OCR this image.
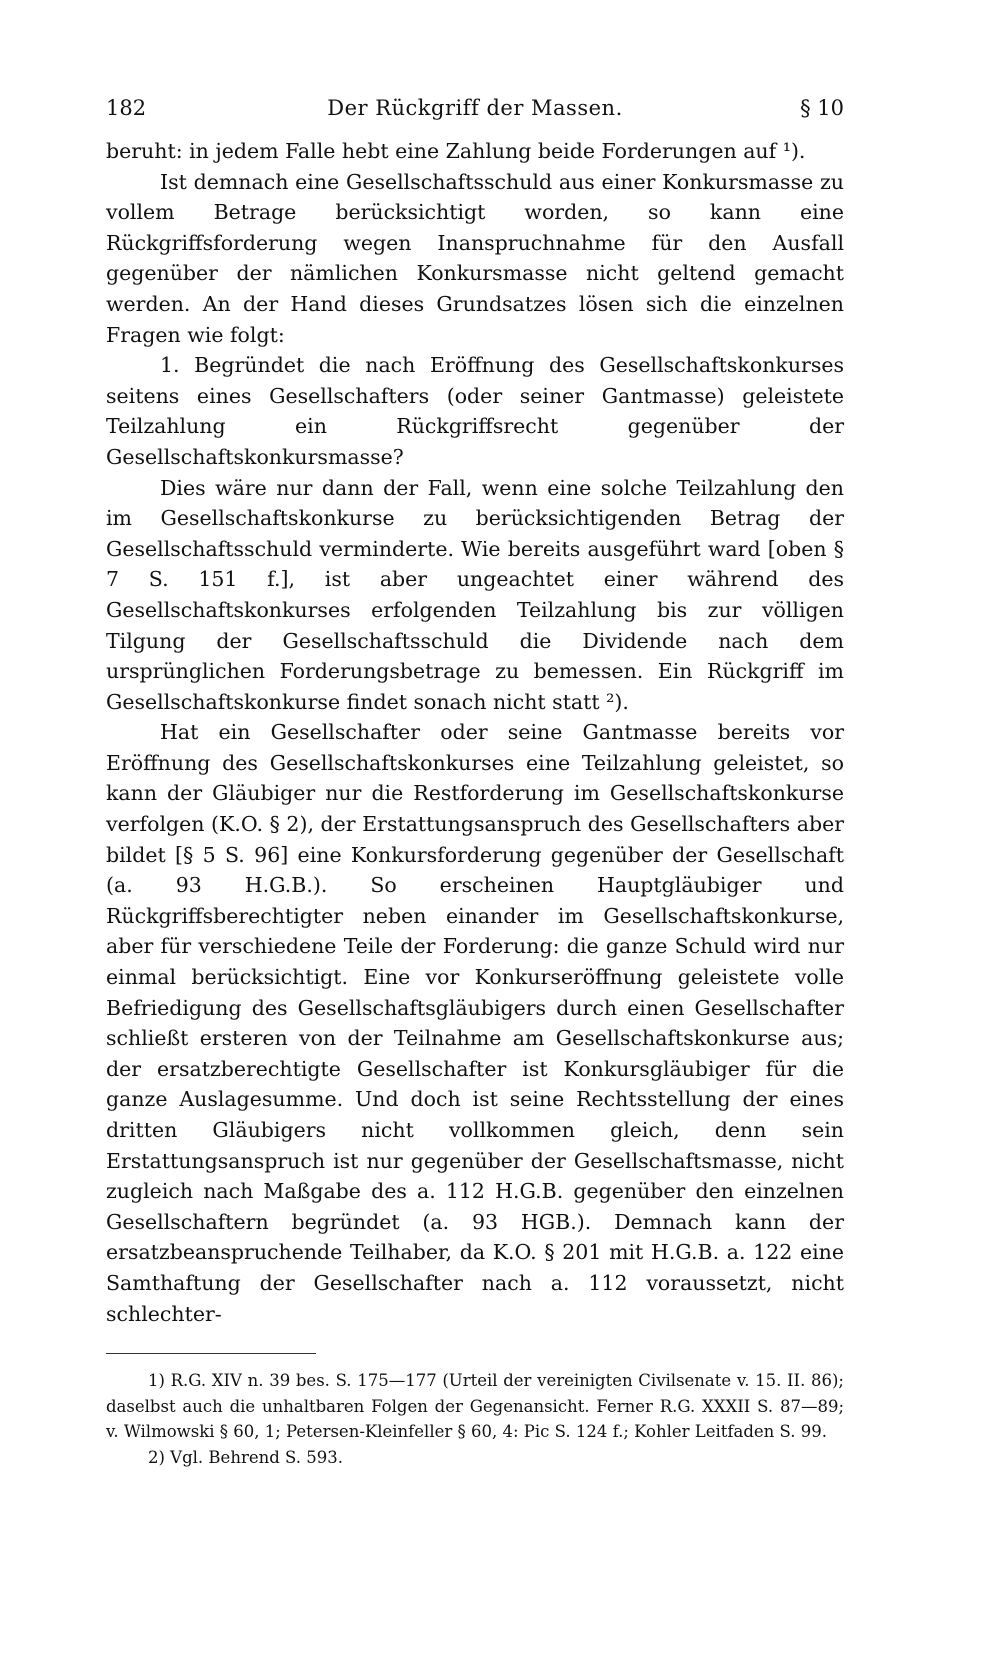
182	Der Rückgriff der Massen.	§ 10

beruht: in jedem Falle hebt eine Zahlung beide Forderungen auf ¹).

Ist demnach eine Gesellschaftsschuld aus einer Konkursmasse zu vollem Betrage berücksichtigt worden, so kann eine Rückgriffsforderung wegen Inanspruchnahme für den Ausfall gegenüber der nämlichen Konkursmasse nicht geltend gemacht werden. An der Hand dieses Grundsatzes lösen sich die einzelnen Fragen wie folgt:

1. Begründet die nach Eröffnung des Gesellschaftskonkurses seitens eines Gesellschafters (oder seiner Gantmasse) geleistete Teilzahlung ein Rückgriffsrecht gegenüber der Gesellschaftskonkursmasse?

Dies wäre nur dann der Fall, wenn eine solche Teilzahlung den im Gesellschaftskonkurse zu berücksichtigenden Betrag der Gesellschaftsschuld verminderte. Wie bereits ausgeführt ward [oben § 7 S. 151 f.], ist aber ungeachtet einer während des Gesellschaftskonkurses erfolgenden Teilzahlung bis zur völligen Tilgung der Gesellschaftsschuld die Dividende nach dem ursprünglichen Forderungsbetrage zu bemessen. Ein Rückgriff im Gesellschaftskonkurse findet sonach nicht statt ²).

Hat ein Gesellschafter oder seine Gantmasse bereits vor Eröffnung des Gesellschaftskonkurses eine Teilzahlung geleistet, so kann der Gläubiger nur die Restforderung im Gesellschaftskonkurse verfolgen (K.O. § 2), der Erstattungsanspruch des Gesellschafters aber bildet [§ 5 S. 96] eine Konkursforderung gegenüber der Gesellschaft (a. 93 H.G.B.). So erscheinen Hauptgläubiger und Rückgriffsberechtigter neben einander im Gesellschaftskonkurse, aber für verschiedene Teile der Forderung: die ganze Schuld wird nur einmal berücksichtigt. Eine vor Konkurseröffnung geleistete volle Befriedigung des Gesellschaftsgläubigers durch einen Gesellschafter schließt ersteren von der Teilnahme am Gesellschaftskonkurse aus; der ersatzberechtigte Gesellschafter ist Konkursgläubiger für die ganze Auslagesumme. Und doch ist seine Rechtsstellung der eines dritten Gläubigers nicht vollkommen gleich, denn sein Erstattungsanspruch ist nur gegenüber der Gesellschaftsmasse, nicht zugleich nach Maßgabe des a. 112 H.G.B. gegenüber den einzelnen Gesellschaftern begründet (a. 93 HGB.). Demnach kann der ersatzbeanspruchende Teilhaber, da K.O. § 201 mit H.G.B. a. 122 eine Samthaftung der Gesellschafter nach a. 112 voraussetzt, nicht schlechter-

1) R.G. XIV n. 39 bes. S. 175—177 (Urteil der vereinigten Civilsenate v. 15. II. 86); daselbst auch die unhaltbaren Folgen der Gegenansicht. Ferner R.G. XXXII S. 87—89; v. Wilmowski § 60, 1; Petersen-Kleinfeller § 60, 4: Pic S. 124 f.; Kohler Leitfaden S. 99.

2) Vgl. Behrend S. 593.
